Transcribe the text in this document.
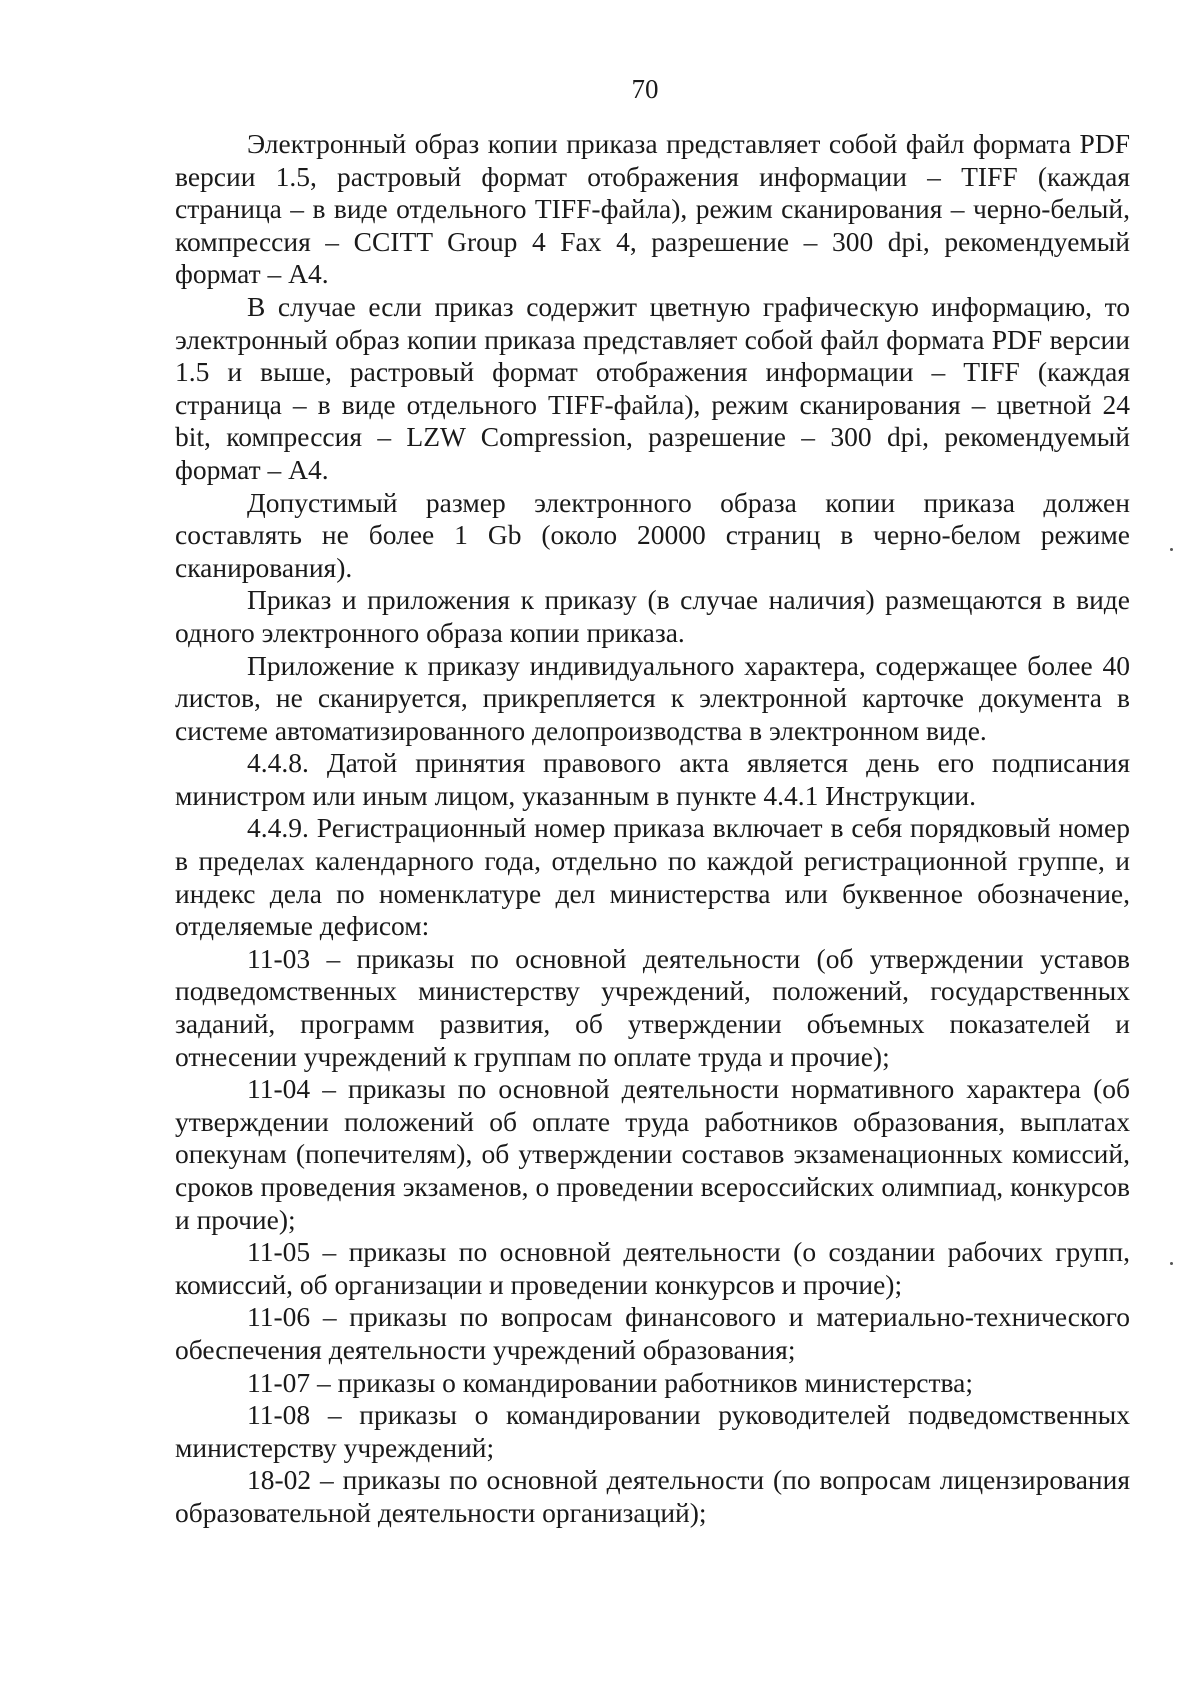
70

Электронный образ копии приказа представляет собой файл формата PDF версии 1.5, растровый формат отображения информации – TIFF (каждая страница – в виде отдельного TIFF-файла), режим сканирования – черно-белый, компрессия – CCITT Group 4 Fax 4, разрешение – 300 dpi, рекомендуемый формат – A4.

В случае если приказ содержит цветную графическую информацию, то электронный образ копии приказа представляет собой файл формата PDF версии 1.5 и выше, растровый формат отображения информации – TIFF (каждая страница – в виде отдельного TIFF-файла), режим сканирования – цветной 24 bit, компрессия – LZW Compression, разрешение – 300 dpi, рекомендуемый формат – A4.

Допустимый размер электронного образа копии приказа должен составлять не более 1 Gb (около 20000 страниц в черно-белом режиме сканирования).

Приказ и приложения к приказу (в случае наличия) размещаются в виде одного электронного образа копии приказа.

Приложение к приказу индивидуального характера, содержащее более 40 листов, не сканируется, прикрепляется к электронной карточке документа в системе автоматизированного делопроизводства в электронном виде.

4.4.8. Датой принятия правового акта является день его подписания министром или иным лицом, указанным в пункте 4.4.1 Инструкции.

4.4.9. Регистрационный номер приказа включает в себя порядковый номер в пределах календарного года, отдельно по каждой регистрационной группе, и индекс дела по номенклатуре дел министерства или буквенное обозначение, отделяемые дефисом:

11-03 – приказы по основной деятельности (об утверждении уставов подведомственных министерству учреждений, положений, государственных заданий, программ развития, об утверждении объемных показателей и отнесении учреждений к группам по оплате труда и прочие);

11-04 – приказы по основной деятельности нормативного характера (об утверждении положений об оплате труда работников образования, выплатах опекунам (попечителям), об утверждении составов экзаменационных комиссий, сроков проведения экзаменов, о проведении всероссийских олимпиад, конкурсов и прочие);

11-05 – приказы по основной деятельности (о создании рабочих групп, комиссий, об организации и проведении конкурсов и прочие);

11-06 – приказы по вопросам финансового и материально-технического обеспечения деятельности учреждений образования;

11-07 – приказы о командировании работников министерства;

11-08 – приказы о командировании руководителей подведомственных министерству учреждений;

18-02 – приказы по основной деятельности (по вопросам лицензирования образовательной деятельности организаций);
